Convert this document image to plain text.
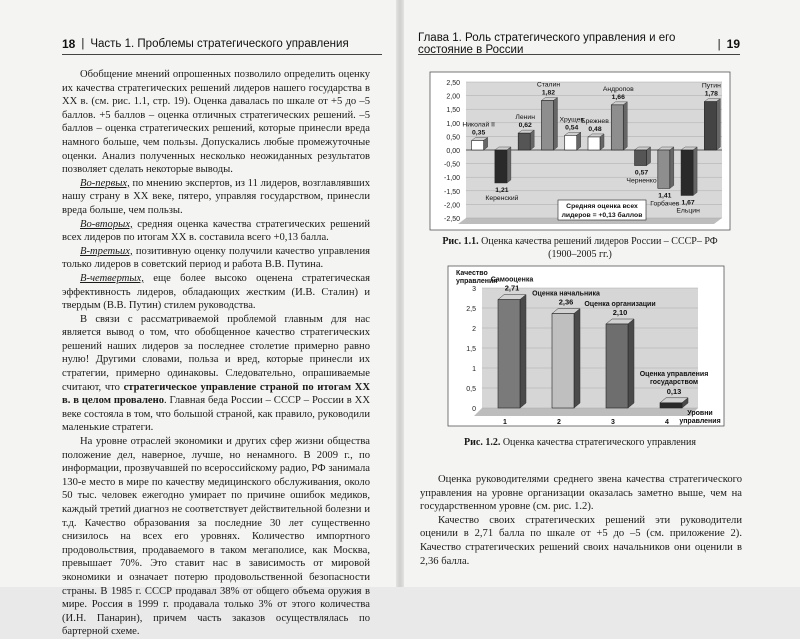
18 | Часть 1. Проблемы стратегического управления

Обобщение мнений опрошенных позволило определить оценку их качества стратегических решений лидеров нашего государства в XX в. (см. рис. 1.1, стр. 19). Оценка давалась по шкале от +5 до –5 баллов. +5 баллов – оценка отличных стратегических решений. –5 баллов – оценка стратегических решений, которые принесли вреда намного больше, чем пользы. Допускались любые промежуточные оценки. Анализ полученных несколько неожиданных результатов позволяет сделать некоторые выводы.

Во-первых, по мнению экспертов, из 11 лидеров, возглавлявших нашу страну в XX веке, пятеро, управляя государством, принесли вреда больше, чем пользы.

Во-вторых, средняя оценка качества стратегических решений всех лидеров по итогам XX в. составила всего +0,13 балла.

В-третьих, позитивную оценку получили качество управления только лидеров в советский период и работа В.В. Путина.

В-четвертых, еще более высоко оценена стратегическая эффективность лидеров, обладающих жестким (И.В. Сталин) и твердым (В.В. Путин) стилем руководства.

В связи с рассматриваемой проблемой главным для нас является вывод о том, что обобщенное качество стратегических решений наших лидеров за последнее столетие примерно равно нулю! Другими словами, польза и вред, которые принесли их стратегии, примерно одинаковы. Следовательно, опрашиваемые считают, что стратегическое управление страной по итогам XX в. в целом провалено. Главная беда России – СССР – России в XX веке состояла в том, что большой страной, как правило, руководили маленькие стратеги.

На уровне отраслей экономики и других сфер жизни общества положение дел, наверное, лучше, но ненамного. В 2009 г., по информации, прозвучавшей по всероссийскому радио, РФ занимала 130-е место в мире по качеству медицинского обслуживания, около 50 тыс. человек ежегодно умирает по причине ошибок медиков, каждый третий диагноз не соответствует действительной болезни и т.д. Качество образования за последние 30 лет существенно снизилось на всех его уровнях. Количество импортного продовольствия, продаваемого в таком мегаполисе, как Москва, превышает 70%. Это ставит нас в зависимость от мировой экономики и означает потерю продовольственной безопасности страны. В 1985 г. СССР продавал 38% от общего объема оружия в мире. Россия в 1999 г. продавала только 3% от этого количества (И.Н. Панарин), причем часть заказов осуществлялась по бартерной схеме.

Глава 1. Роль стратегического управления и его состояние в России	| 19
2,50
2,00
1,50
1,00
0,50
0,00
-0,50
-1,00
-1,50
-2,00
-2,50
0,35
Николай II
1,21
Керенский
0,62
Ленин
1,82
Сталин
0,54
Хрущев
0,48
Брежнев
1,66
Андропов
0,57
Черненко
1,41
Горбачев 1,67
Ельцин
1,78
Путин
Средняя оценка всех
лидеров = +0,13 баллов
Рис. 1.1. Оценка качества решений лидеров России – СССР– РФ (1900–2005 гг.)
3
2,5
2
1,5
1
0,5
0
Качество
управления
2,71
Самооценка
1
2,36
Оценка начальника
2
2,10
Оценка организации
3
0,13
Оценка управления
государством
4
Уровни
управления
Рис. 1.2. Оценка качества стратегического управления

Оценка руководителями среднего звена качества стратегического управления на уровне организации оказалась заметно выше, чем на государственном уровне (см. рис. 1.2).

Качество своих стратегических решений эти руководители оценили в 2,71 балла по шкале от +5 до –5 (см. приложение 2). Качество стратегических решений своих начальников они оценили в 2,36 балла.
